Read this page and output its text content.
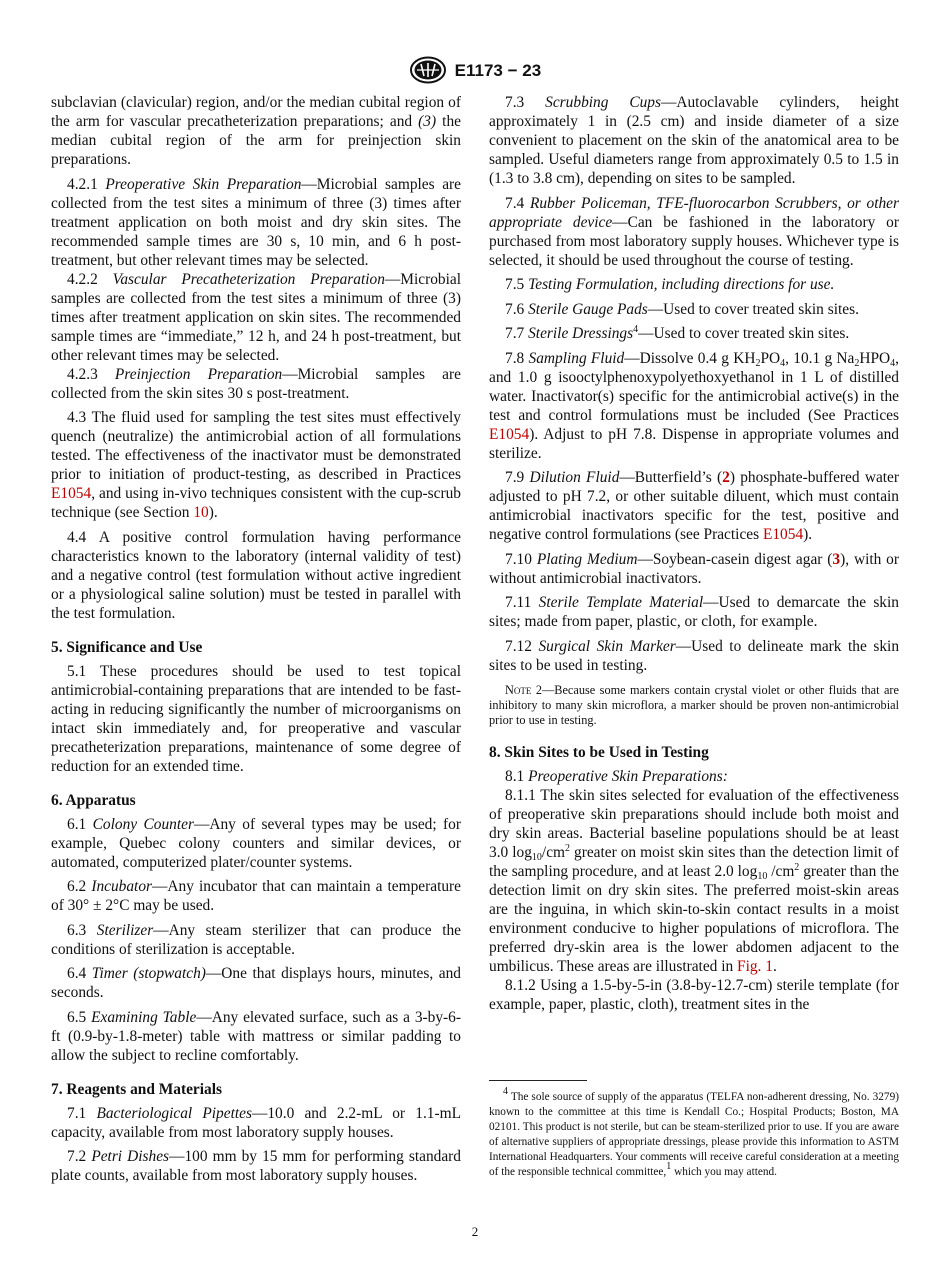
E1173 − 23

subclavian (clavicular) region, and/or the median cubital region of the arm for vascular precatheterization preparations; and (3) the median cubital region of the arm for preinjection skin preparations.

4.2.1 Preoperative Skin Preparation—Microbial samples are collected from the test sites a minimum of three (3) times after treatment application on both moist and dry skin sites. The recommended sample times are 30 s, 10 min, and 6 h post-treatment, but other relevant times may be selected.

4.2.2 Vascular Precatheterization Preparation—Microbial samples are collected from the test sites a minimum of three (3) times after treatment application on skin sites. The recommended sample times are “immediate,” 12 h, and 24 h post-treatment, but other relevant times may be selected.

4.2.3 Preinjection Preparation—Microbial samples are collected from the skin sites 30 s post-treatment.

4.3 The fluid used for sampling the test sites must effectively quench (neutralize) the antimicrobial action of all formulations tested. The effectiveness of the inactivator must be demonstrated prior to initiation of product-testing, as described in Practices E1054, and using in-vivo techniques consistent with the cup-scrub technique (see Section 10).

4.4 A positive control formulation having performance characteristics known to the laboratory (internal validity of test) and a negative control (test formulation without active ingredient or a physiological saline solution) must be tested in parallel with the test formulation.

5. Significance and Use

5.1 These procedures should be used to test topical antimicrobial-containing preparations that are intended to be fast-acting in reducing significantly the number of microorganisms on intact skin immediately and, for preoperative and vascular precatheterization preparations, maintenance of some degree of reduction for an extended time.

6. Apparatus

6.1 Colony Counter—Any of several types may be used; for example, Quebec colony counters and similar devices, or automated, computerized plater/counter systems.

6.2 Incubator—Any incubator that can maintain a temperature of 30° ± 2°C may be used.

6.3 Sterilizer—Any steam sterilizer that can produce the conditions of sterilization is acceptable.

6.4 Timer (stopwatch)—One that displays hours, minutes, and seconds.

6.5 Examining Table—Any elevated surface, such as a 3-by-6-ft (0.9-by-1.8-meter) table with mattress or similar padding to allow the subject to recline comfortably.

7. Reagents and Materials

7.1 Bacteriological Pipettes—10.0 and 2.2-mL or 1.1-mL capacity, available from most laboratory supply houses.

7.2 Petri Dishes—100 mm by 15 mm for performing standard plate counts, available from most laboratory supply houses.

7.3 Scrubbing Cups—Autoclavable cylinders, height approximately 1 in (2.5 cm) and inside diameter of a size convenient to placement on the skin of the anatomical area to be sampled. Useful diameters range from approximately 0.5 to 1.5 in (1.3 to 3.8 cm), depending on sites to be sampled.

7.4 Rubber Policeman, TFE-fluorocarbon Scrubbers, or other appropriate device—Can be fashioned in the laboratory or purchased from most laboratory supply houses. Whichever type is selected, it should be used throughout the course of testing.

7.5 Testing Formulation, including directions for use.

7.6 Sterile Gauge Pads—Used to cover treated skin sites.

7.7 Sterile Dressings$^4$—Used to cover treated skin sites.

7.8 Sampling Fluid—Dissolve 0.4 g $KH_2PO_4$, 10.1 g $Na_2HPO_4$, and 1.0 g isooctylphenoxypolyethoxyethanol in 1 L of distilled water. Inactivator(s) specific for the antimicrobial active(s) in the test and control formulations must be included (See Practices E1054). Adjust to pH 7.8. Dispense in appropriate volumes and sterilize.

7.9 Dilution Fluid—Butterfield’s (2) phosphate-buffered water adjusted to pH 7.2, or other suitable diluent, which must contain antimicrobial inactivators specific for the test, positive and negative control formulations (see Practices E1054).

7.10 Plating Medium—Soybean-casein digest agar (3), with or without antimicrobial inactivators.

7.11 Sterile Template Material—Used to demarcate the skin sites; made from paper, plastic, or cloth, for example.

7.12 Surgical Skin Marker—Used to delineate mark the skin sites to be used in testing.

Note 2—Because some markers contain crystal violet or other fluids that are inhibitory to many skin microflora, a marker should be proven non-antimicrobial prior to use in testing.

8. Skin Sites to be Used in Testing

8.1 Preoperative Skin Preparations:

8.1.1 The skin sites selected for evaluation of the effectiveness of preoperative skin preparations should include both moist and dry skin areas. Bacterial baseline populations should be at least 3.0 $\log_{10}/cm^2$ greater on moist skin sites than the detection limit of the sampling procedure, and at least 2.0 $\log_{10} /cm^2$ greater than the detection limit on dry skin sites. The preferred moist-skin areas are the inguina, in which skin-to-skin contact results in a moist environment conducive to higher populations of microflora. The preferred dry-skin area is the lower abdomen adjacent to the umbilicus. These areas are illustrated in Fig. 1.

8.1.2 Using a 1.5-by-5-in (3.8-by-12.7-cm) sterile template (for example, paper, plastic, cloth), treatment sites in the

$^4$ The sole source of supply of the apparatus (TELFA non-adherent dressing, No. 3279) known to the committee at this time is Kendall Co.; Hospital Products; Boston, MA 02101. This product is not sterile, but can be steam-sterilized prior to use. If you are aware of alternative suppliers of appropriate dressings, please provide this information to ASTM International Headquarters. Your comments will receive careful consideration at a meeting of the responsible technical committee,$^1$ which you may attend.
2
